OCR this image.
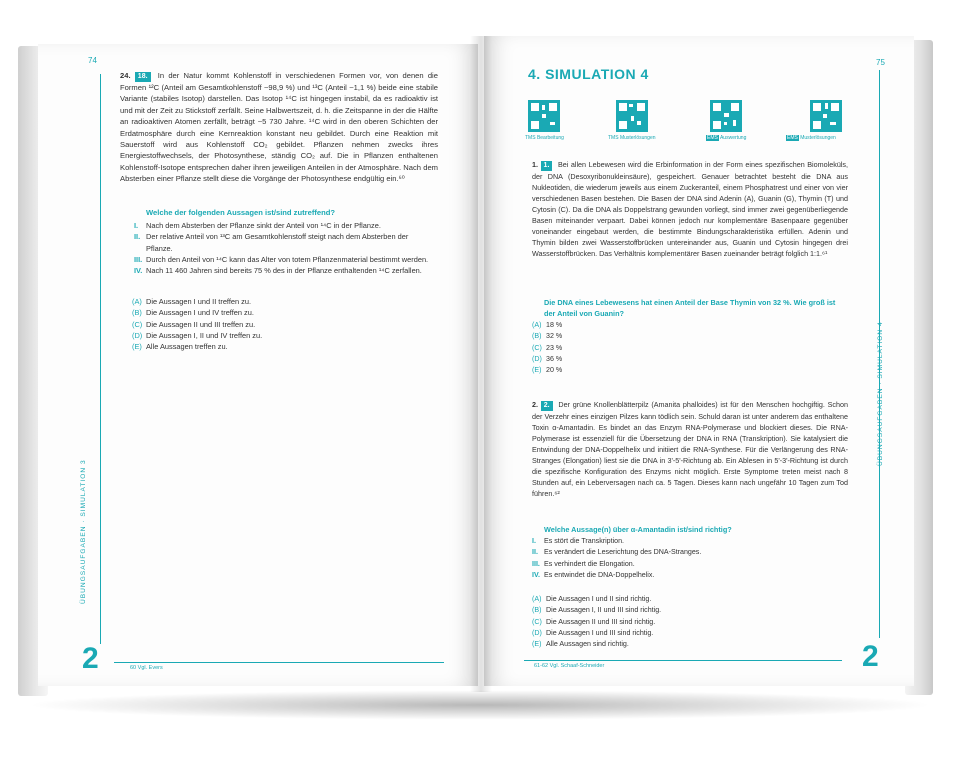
74
24. 18. In der Natur kommt Kohlenstoff in verschiedenen Formen vor, von denen die Formen ¹²C (Anteil am Gesamtkohlenstoff ~98,9 %) und ¹³C (Anteil ~1,1 %) beide eine stabile Variante (stabiles Isotop) darstellen. Das Isotop ¹⁴C ist hingegen instabil, da es radioaktiv ist und mit der Zeit zu Stickstoff zerfällt. Seine Halbwertszeit, d. h. die Zeitspanne in der die Hälfte an radioaktiven Atomen zerfällt, beträgt ~5 730 Jahre. ¹⁴C wird in den oberen Schichten der Erdatmosphäre durch eine Kernreaktion konstant neu gebildet. Durch eine Reaktion mit Sauerstoff wird aus Kohlenstoff CO₂ gebildet. Pflanzen nehmen zwecks ihres Energiestoffwechsels, der Photosynthese, ständig CO₂ auf. Die in Pflanzen enthaltenen Kohlenstoff-Isotope entsprechen daher ihren jeweiligen Anteilen in der Atmosphäre. Nach dem Absterben einer Pflanze stellt diese die Vorgänge der Photosynthese endgültig ein.⁶⁰
Welche der folgenden Aussagen ist/sind zutreffend?
I.	Nach dem Absterben der Pflanze sinkt der Anteil von ¹⁴C in der Pflanze.
II. Der relative Anteil von ¹³C am Gesamtkohlenstoff steigt nach dem Absterben der Pflanze.
III. Durch den Anteil von ¹⁴C kann das Alter von totem Pflanzenmaterial bestimmt werden.
IV. Nach 11 460 Jahren sind bereits 75 % des in der Pflanze enthaltenden ¹⁴C zerfallen.
(A) Die Aussagen I und II treffen zu.
(B) Die Aussagen I und IV treffen zu.
(C) Die Aussagen II und III treffen zu.
(D) Die Aussagen I, II und IV treffen zu.
(E) Alle Aussagen treffen zu.
ÜBUNGSAUFGABEN · SIMULATION 3
2	60 Vgl. Evers
75
4. SIMULATION 4
TMS Bearbeitung	TMS Musterlösungen	EMS Auswertung	EMS Musterlösungen
1. 1. Bei allen Lebewesen wird die Erbinformation in der Form eines spezifischen Biomoleküls, der DNA (Desoxyribonukleinsäure), gespeichert. Genauer betrachtet besteht die DNA aus Nukleotiden, die wiederum jeweils aus einem Zuckeranteil, einem Phosphatrest und einer von vier verschiedenen Basen bestehen. Die Basen der DNA sind Adenin (A), Guanin (G), Thymin (T) und Cytosin (C). Da die DNA als Doppelstrang gewunden vorliegt, sind immer zwei gegenüberliegende Basen miteinander verpaart. Dabei können jedoch nur komplementäre Basenpaare gegenüber voneinander eingebaut werden, die bestimmte Bindungscharakteristika erfüllen. Adenin und Thymin bilden zwei Wasserstoffbrücken untereinander aus, Guanin und Cytosin hingegen drei Wasserstoffbrücken. Das Verhältnis komplementärer Basen zueinander beträgt folglich 1:1.⁶¹
Die DNA eines Lebewesens hat einen Anteil der Base Thymin von 32 %. Wie groß ist der Anteil von Guanin?
(A) 18 %
(B) 32 %
(C) 23 %
(D) 36 %
(E) 20 %
2. 2. Der grüne Knollenblätterpilz (Amanita phalloides) ist für den Menschen hochgiftig. Schon der Verzehr eines einzigen Pilzes kann tödlich sein. Schuld daran ist unter anderem das enthaltene Toxin α-Amantadin. Es bindet an das Enzym RNA-Polymerase und blockiert dieses. Die RNA-Polymerase ist essenziell für die Übersetzung der DNA in RNA (Transkription). Sie katalysiert die Entwindung der DNA-Doppelhelix und initiiert die RNA-Synthese. Für die Verlängerung des RNA-Stranges (Elongation) liest sie die DNA in 3'-5'-Richtung ab. Ein Ablesen in 5'-3'-Richtung ist durch die spezifische Konfiguration des Enzyms nicht möglich. Erste Symptome treten meist nach 8 Stunden auf, ein Leberversagen nach ca. 5 Tagen. Dieses kann nach ungefähr 10 Tagen zum Tod führen.⁶²
Welche Aussage(n) über α-Amantadin ist/sind richtig?
I.	Es stört die Transkription.
II. Es verändert die Leserichtung des DNA-Stranges.
III. Es verhindert die Elongation.
IV. Es entwindet die DNA-Doppelhelix.
(A) Die Aussagen I und II sind richtig.
(B) Die Aussagen I, II und III sind richtig.
(C) Die Aussagen II und III sind richtig.
(D) Die Aussagen I und III sind richtig.
(E) Alle Aussagen sind richtig.
ÜBUNGSAUFGABEN · SIMULATION 4
2
61-62 Vgl. Schaaf-Schneider
